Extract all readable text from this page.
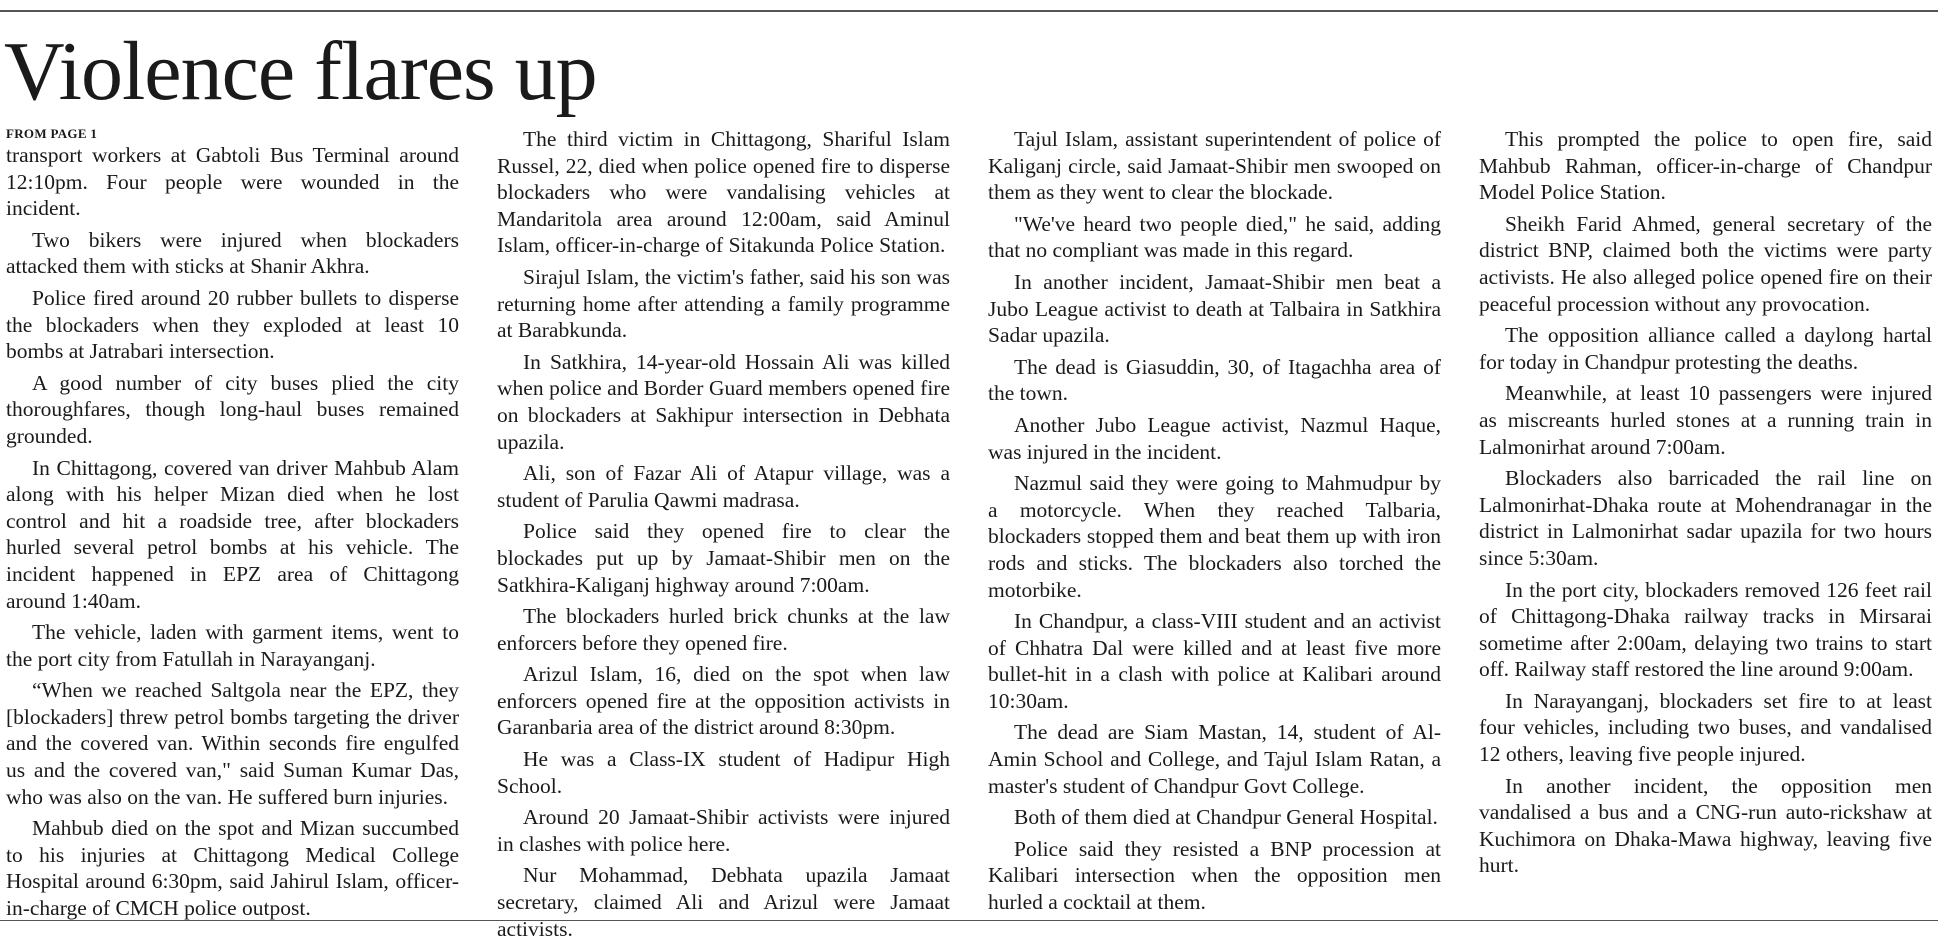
Violence flares up
FROM PAGE 1

transport workers at Gabtoli Bus Terminal around 12:10pm. Four people were wounded in the incident.

Two bikers were injured when blockaders attacked them with sticks at Shanir Akhra.

Police fired around 20 rubber bullets to disperse the blockaders when they exploded at least 10 bombs at Jatrabari intersection.

A good number of city buses plied the city thoroughfares, though long-haul buses remained grounded.

In Chittagong, covered van driver Mahbub Alam along with his helper Mizan died when he lost control and hit a roadside tree, after blockaders hurled several petrol bombs at his vehicle. The incident happened in EPZ area of Chittagong around 1:40am.

The vehicle, laden with garment items, went to the port city from Fatullah in Narayanganj.

“When we reached Saltgola near the EPZ, they [blockaders] threw petrol bombs targeting the driver and the covered van. Within seconds fire engulfed us and the covered van," said Suman Kumar Das, who was also on the van. He suffered burn injuries.

Mahbub died on the spot and Mizan succumbed to his injuries at Chittagong Medical College Hospital around 6:30pm, said Jahirul Islam, officer-in-charge of CMCH police outpost.

The third victim in Chittagong, Shariful Islam Russel, 22, died when police opened fire to disperse blockaders who were vandalising vehicles at Mandaritola area around 12:00am, said Aminul Islam, officer-in-charge of Sitakunda Police Station.

Sirajul Islam, the victim's father, said his son was returning home after attending a family programme at Barabkunda.

In Satkhira, 14-year-old Hossain Ali was killed when police and Border Guard members opened fire on blockaders at Sakhipur intersection in Debhata upazila.

Ali, son of Fazar Ali of Atapur village, was a student of Parulia Qawmi madrasa.

Police said they opened fire to clear the blockades put up by Jamaat-Shibir men on the Satkhira-Kaliganj highway around 7:00am.

The blockaders hurled brick chunks at the law enforcers before they opened fire.

Arizul Islam, 16, died on the spot when law enforcers opened fire at the opposition activists in Garanbaria area of the district around 8:30pm.

He was a Class-IX student of Hadipur High School.

Around 20 Jamaat-Shibir activists were injured in clashes with police here.

Nur Mohammad, Debhata upazila Jamaat secretary, claimed Ali and Arizul were Jamaat activists.

Tajul Islam, assistant superintendent of police of Kaliganj circle, said Jamaat-Shibir men swooped on them as they went to clear the blockade.

"We've heard two people died," he said, adding that no compliant was made in this regard.

In another incident, Jamaat-Shibir men beat a Jubo League activist to death at Talbaira in Satkhira Sadar upazila.

The dead is Giasuddin, 30, of Itagachha area of the town.

Another Jubo League activist, Nazmul Haque, was injured in the incident.

Nazmul said they were going to Mahmudpur by a motorcycle. When they reached Talbaria, blockaders stopped them and beat them up with iron rods and sticks. The blockaders also torched the motorbike.

In Chandpur, a class-VIII student and an activist of Chhatra Dal were killed and at least five more bullet-hit in a clash with police at Kalibari around 10:30am.

The dead are Siam Mastan, 14, student of Al-Amin School and College, and Tajul Islam Ratan, a master's student of Chandpur Govt College.

Both of them died at Chandpur General Hospital.

Police said they resisted a BNP procession at Kalibari intersection when the opposition men hurled a cocktail at them.

This prompted the police to open fire, said Mahbub Rahman, officer-in-charge of Chandpur Model Police Station.

Sheikh Farid Ahmed, general secretary of the district BNP, claimed both the victims were party activists. He also alleged police opened fire on their peaceful procession without any provocation.

The opposition alliance called a daylong hartal for today in Chandpur protesting the deaths.

Meanwhile, at least 10 passengers were injured as miscreants hurled stones at a running train in Lalmonirhat around 7:00am.

Blockaders also barricaded the rail line on Lalmonirhat-Dhaka route at Mohendranagar in the district in Lalmonirhat sadar upazila for two hours since 5:30am.

In the port city, blockaders removed 126 feet rail of Chittagong-Dhaka railway tracks in Mirsarai sometime after 2:00am, delaying two trains to start off. Railway staff restored the line around 9:00am.

In Narayanganj, blockaders set fire to at least four vehicles, including two buses, and vandalised 12 others, leaving five people injured.

In another incident, the opposition men vandalised a bus and a CNG-run auto-rickshaw at Kuchimora on Dhaka-Mawa highway, leaving five hurt.
